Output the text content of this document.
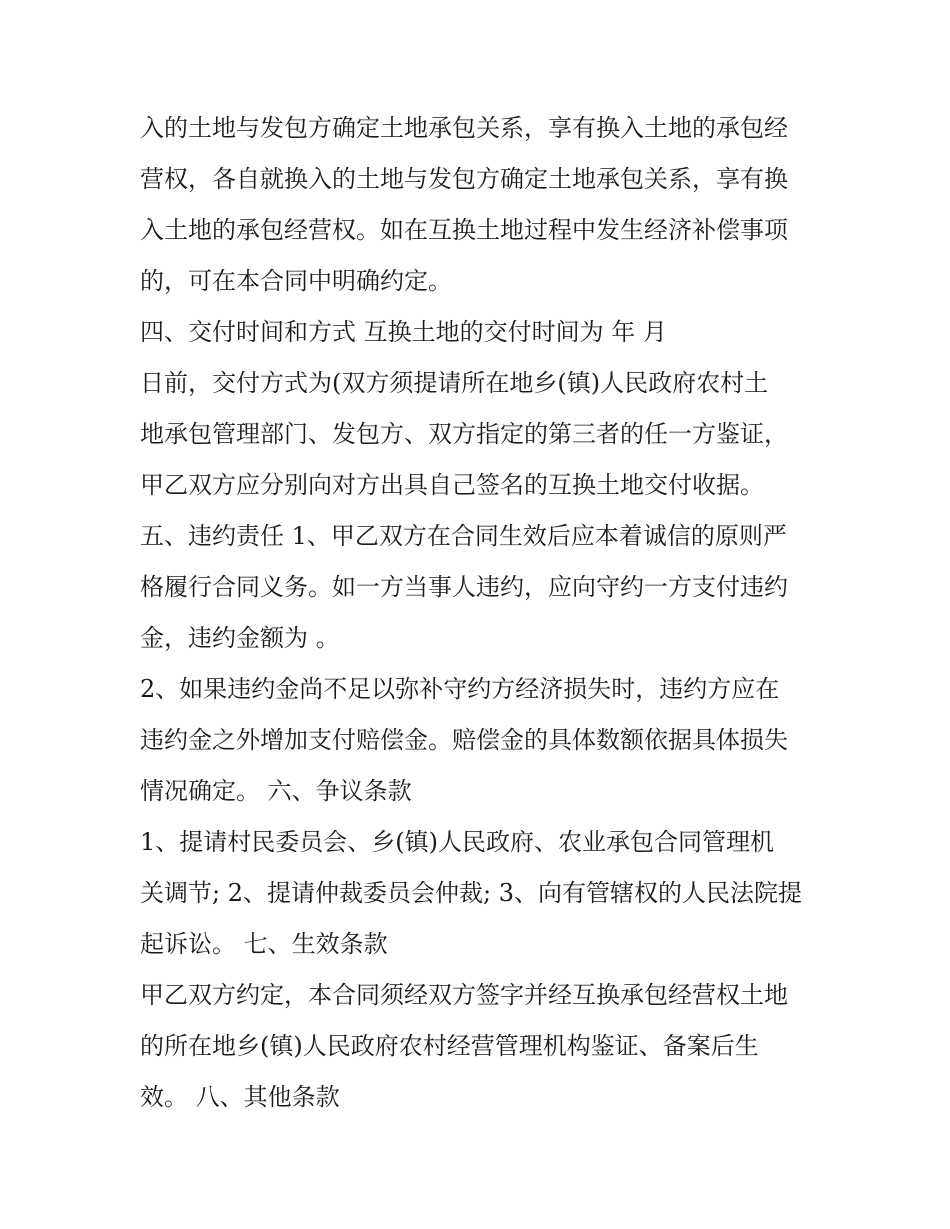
入的土地与发包方确定土地承包关系，享有换入土地的承包经
营权，各自就换入的土地与发包方确定土地承包关系，享有换
入土地的承包经营权。如在互换土地过程中发生经济补偿事项
的，可在本合同中明确约定。
四、交付时间和方式 互换土地的交付时间为 年 月
日前，交付方式为(双方须提请所在地乡(镇)人民政府农村土
地承包管理部门、发包方、双方指定的第三者的任一方鉴证，
甲乙双方应分别向对方出具自己签名的互换土地交付收据。
五、违约责任 1、甲乙双方在合同生效后应本着诚信的原则严
格履行合同义务。如一方当事人违约，应向守约一方支付违约
金，违约金额为 。
2、如果违约金尚不足以弥补守约方经济损失时，违约方应在
违约金之外增加支付赔偿金。赔偿金的具体数额依据具体损失
情况确定。 六、争议条款
1、提请村民委员会、乡(镇)人民政府、农业承包合同管理机
关调节; 2、提请仲裁委员会仲裁; 3、向有管辖权的人民法院提
起诉讼。 七、生效条款
甲乙双方约定，本合同须经双方签字并经互换承包经营权土地
的所在地乡(镇)人民政府农村经营管理机构鉴证、备案后生
效。 八、其他条款
